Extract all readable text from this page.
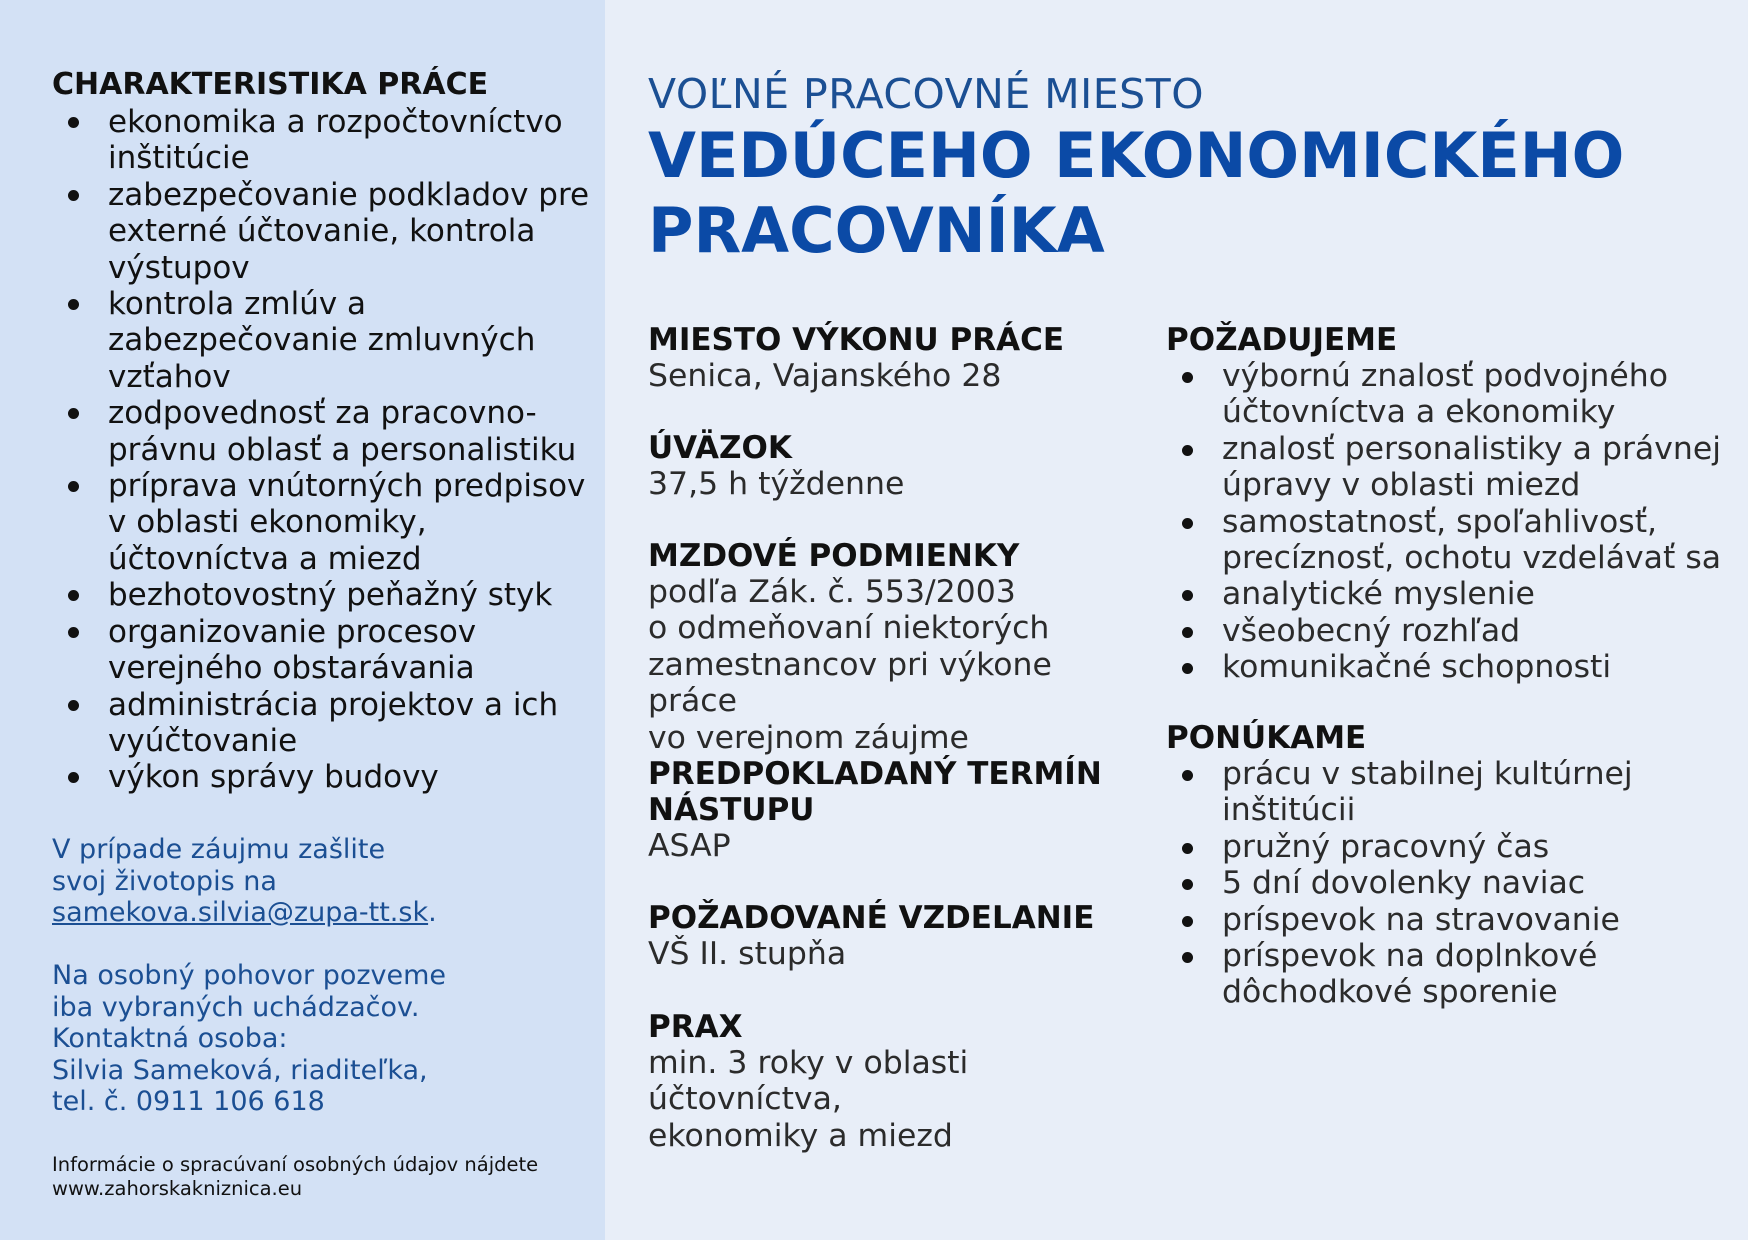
CHARAKTERISTIKA PRÁCE
ekonomika a rozpočtovníctvo inštitúcie
zabezpečovanie podkladov pre externé účtovanie, kontrola výstupov
kontrola zmlúv a zabezpečovanie zmluvných vzťahov
zodpovednosť za pracovno-právnu oblasť a personalistiku
príprava vnútorných predpisov v oblasti ekonomiky, účtovníctva a miezd
bezhotovostný peňažný styk
organizovanie procesov verejného obstarávania
administrácia projektov a ich vyúčtovanie
výkon správy budovy
V prípade záujmu zašlite
svoj životopis na
samekova.silvia@zupa-tt.sk.
Na osobný pohovor pozveme
iba vybraných uchádzačov.
Kontaktná osoba:
Silvia Sameková, riaditeľka,
tel. č. 0911 106 618
Informácie o spracúvaní osobných údajov nájdete
www.zahorskakniznica.eu
VOĽNÉ PRACOVNÉ MIESTO
VEDÚCEHO EKONOMICKÉHO
PRACOVNÍKA
MIESTO VÝKONU PRÁCE
Senica, Vajanského 28
ÚVÄZOK
37,5 h týždenne
MZDOVÉ PODMIENKY
podľa Zák. č. 553/2003
o odmeňovaní niektorých
zamestnancov pri výkone práce
vo verejnom záujme
PREDPOKLADANÝ TERMÍN
NÁSTUPU
ASAP
POŽADOVANÉ VZDELANIE
VŠ II. stupňa
PRAX
min. 3 roky v oblasti účtovníctva,
ekonomiky a miezd
POŽADUJEME
výbornú znalosť podvojného účtovníctva a ekonomiky
znalosť personalistiky a právnej úpravy v oblasti miezd
samostatnosť, spoľahlivosť, precíznosť, ochotu vzdelávať sa
analytické myslenie
všeobecný rozhľad
komunikačné schopnosti
PONÚKAME
prácu v stabilnej kultúrnej inštitúcii
pružný pracovný čas
5 dní dovolenky naviac
príspevok na stravovanie
príspevok na doplnkové dôchodkové sporenie
